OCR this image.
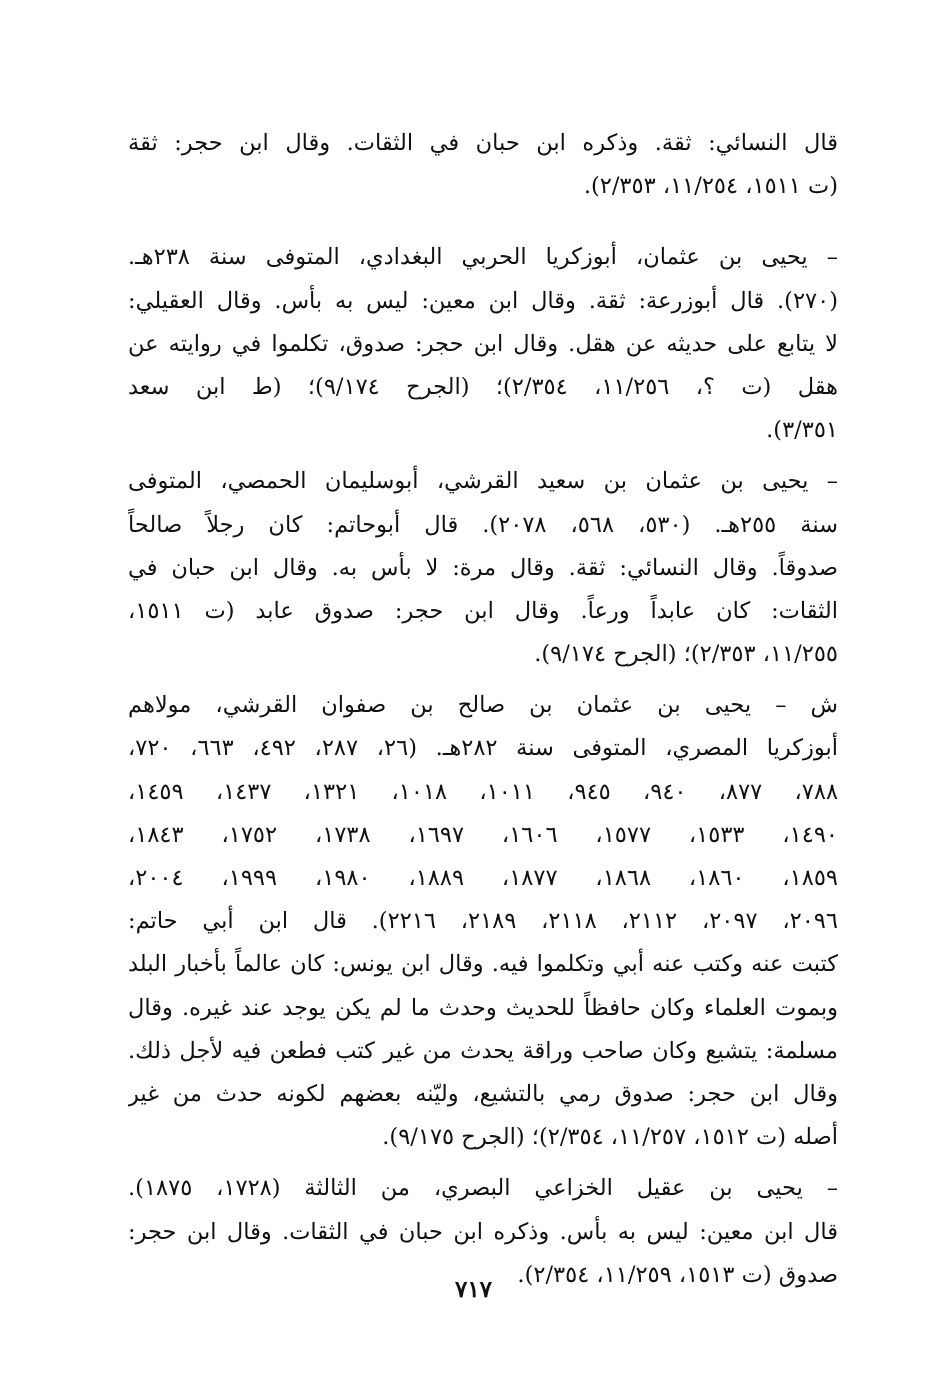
قال النسائي: ثقة. وذكره ابن حبان في الثقات. وقال ابن حجر: ثقة
(ت ١٥١١، ١١/٢٥٤، ٢/٣٥٣).
– يحيى بن عثمان، أبوزكريا الحربي البغدادي، المتوفى سنة ٢٣٨هـ.
(٢٧٠). قال أبوزرعة: ثقة. وقال ابن معين: ليس به بأس. وقال العقيلي:
لا يتابع على حديثه عن هقل. وقال ابن حجر: صدوق، تكلموا في روايته عن
هقل (ت ؟، ١١/٢٥٦، ٢/٣٥٤)؛ (الجرح ٩/١٧٤)؛ (ط ابن سعد
٣/٣٥١).
– يحيى بن عثمان بن سعيد القرشي، أبوسليمان الحمصي، المتوفى
سنة ٢٥٥هـ. (٥٣٠، ٥٦٨، ٢٠٧٨). قال أبوحاتم: كان رجلاً صالحاً
صدوقاً. وقال النسائي: ثقة. وقال مرة: لا بأس به. وقال ابن حبان في
الثقات: كان عابداً ورعاً. وقال ابن حجر: صدوق عابد (ت ١٥١١،
١١/٢٥٥، ٢/٣٥٣)؛ (الجرح ٩/١٧٤).
ش – يحيى بن عثمان بن صالح بن صفوان القرشي، مولاهم
أبوزكريا المصري، المتوفى سنة ٢٨٢هـ. (٢٦، ٢٨٧، ٤٩٢، ٦٦٣، ٧٢٠،
٧٨٨، ٨٧٧، ٩٤٠، ٩٤٥، ١٠١١، ١٠١٨، ١٣٢١، ١٤٣٧، ١٤٥٩،
١٤٩٠، ١٥٣٣، ١٥٧٧، ١٦٠٦، ١٦٩٧، ١٧٣٨، ١٧٥٢، ١٨٤٣،
١٨٥٩، ١٨٦٠، ١٨٦٨، ١٨٧٧، ١٨٨٩، ١٩٨٠، ١٩٩٩، ٢٠٠٤،
٢٠٩٦، ٢٠٩٧، ٢١١٢، ٢١١٨، ٢١٨٩، ٢٢١٦). قال ابن أبي حاتم:
كتبت عنه وكتب عنه أبي وتكلموا فيه. وقال ابن يونس: كان عالماً بأخبار البلد
وبموت العلماء وكان حافظاً للحديث وحدث ما لم يكن يوجد عند غيره. وقال
مسلمة: يتشيع وكان صاحب وراقة يحدث من غير كتب فطعن فيه لأجل ذلك.
وقال ابن حجر: صدوق رمي بالتشيع، وليّنه بعضهم لكونه حدث من غير
أصله (ت ١٥١٢، ١١/٢٥٧، ٢/٣٥٤)؛ (الجرح ٩/١٧٥).
– يحيى بن عقيل الخزاعي البصري، من الثالثة (١٧٢٨، ١٨٧٥).
قال ابن معين: ليس به بأس. وذكره ابن حبان في الثقات. وقال ابن حجر:
صدوق (ت ١٥١٣، ١١/٢٥٩، ٢/٣٥٤).
٧١٧
